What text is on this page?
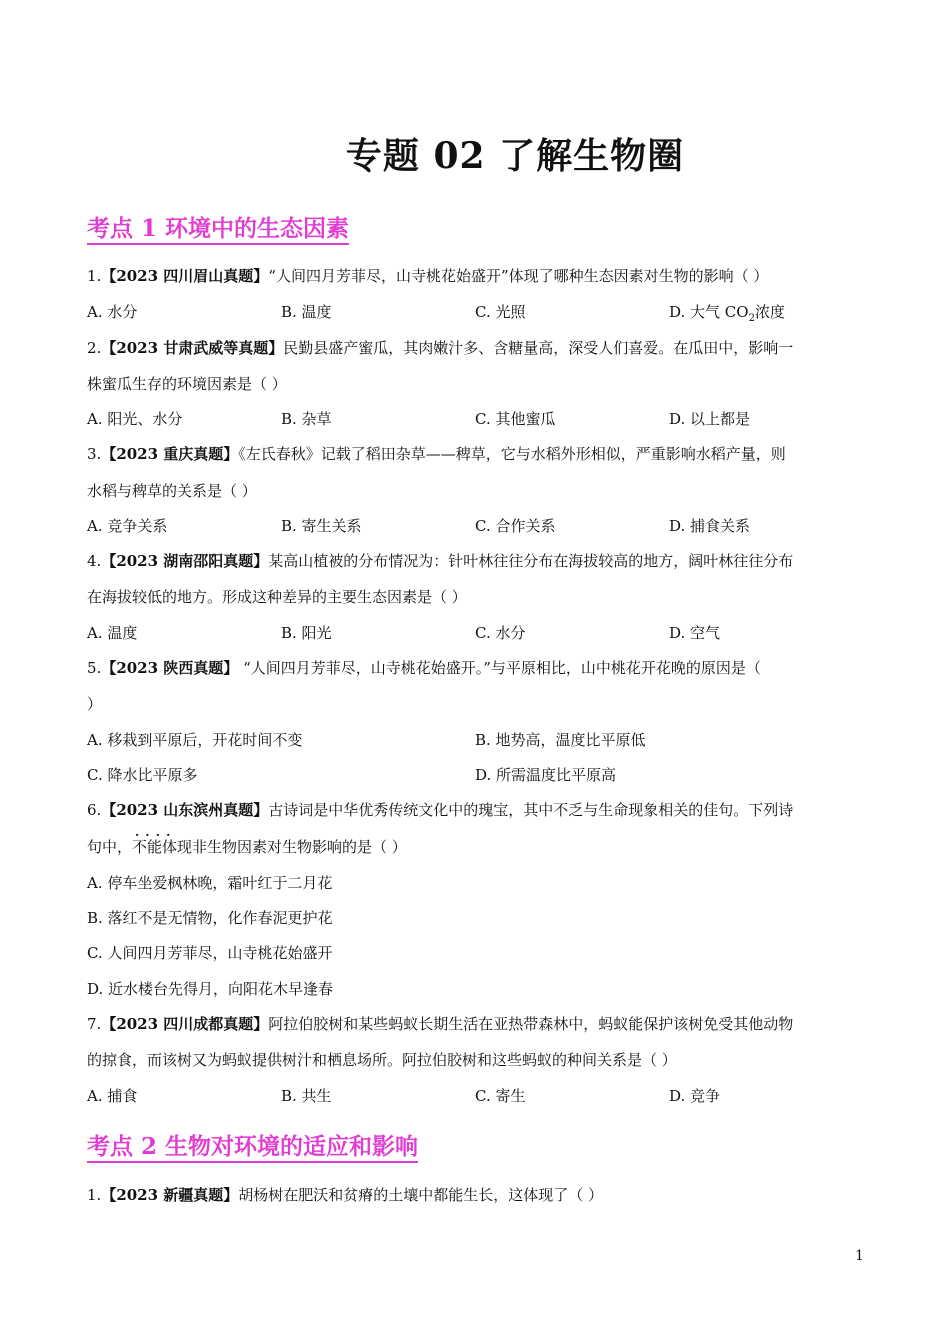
专题 02 了解生物圈
考点 1 环境中的生态因素
1.【2023 四川眉山真题】“人间四月芳菲尽，山寺桃花始盛开”体现了哪种生态因素对生物的影响（ ）
A. 水分	B. 温度	C. 光照	D. 大气 $CO_2$浓度
2.【2023 甘肃武威等真题】民勤县盛产蜜瓜，其肉嫩汁多、含糖量高，深受人们喜爱。在瓜田中，影响一
株蜜瓜生存的环境因素是（ ）
A. 阳光、水分	B. 杂草	C. 其他蜜瓜	D. 以上都是
3.【2023 重庆真题】《左氏春秋》记载了稻田杂草——稗草，它与水稻外形相似，严重影响水稻产量，则
水稻与稗草的关系是（ ）
A. 竞争关系	B. 寄生关系	C. 合作关系	D. 捕食关系
4.【2023 湖南邵阳真题】某高山植被的分布情况为：针叶林往往分布在海拔较高的地方，阔叶林往往分布
在海拔较低的地方。形成这种差异的主要生态因素是（ ）
A. 温度	B. 阳光	C. 水分	D. 空气
5.【2023 陕西真题】 “人间四月芳菲尽，山寺桃花始盛开。”与平原相比，山中桃花开花晚的原因是（
）
A. 移栽到平原后，开花时间不变	B. 地势高，温度比平原低
C. 降水比平原多	D. 所需温度比平原高
6.【2023 山东滨州真题】古诗词是中华优秀传统文化中的瑰宝，其中不乏与生命现象相关的佳句。下列诗
句中，· · · · 不能体现非生物因素对生物影响的是（ ）
A. 停车坐爱枫林晚，霜叶红于二月花
B. 落红不是无情物，化作春泥更护花
C. 人间四月芳菲尽，山寺桃花始盛开
D. 近水楼台先得月，向阳花木早逢春
7.【2023 四川成都真题】阿拉伯胶树和某些蚂蚁长期生活在亚热带森林中，蚂蚁能保护该树免受其他动物
的掠食，而该树又为蚂蚁提供树汁和栖息场所。阿拉伯胶树和这些蚂蚁的种间关系是（ ）
A. 捕食	B. 共生	C. 寄生	D. 竞争
考点 2 生物对环境的适应和影响
1.【2023 新疆真题】胡杨树在肥沃和贫瘠的土壤中都能生长，这体现了（ ）
1
